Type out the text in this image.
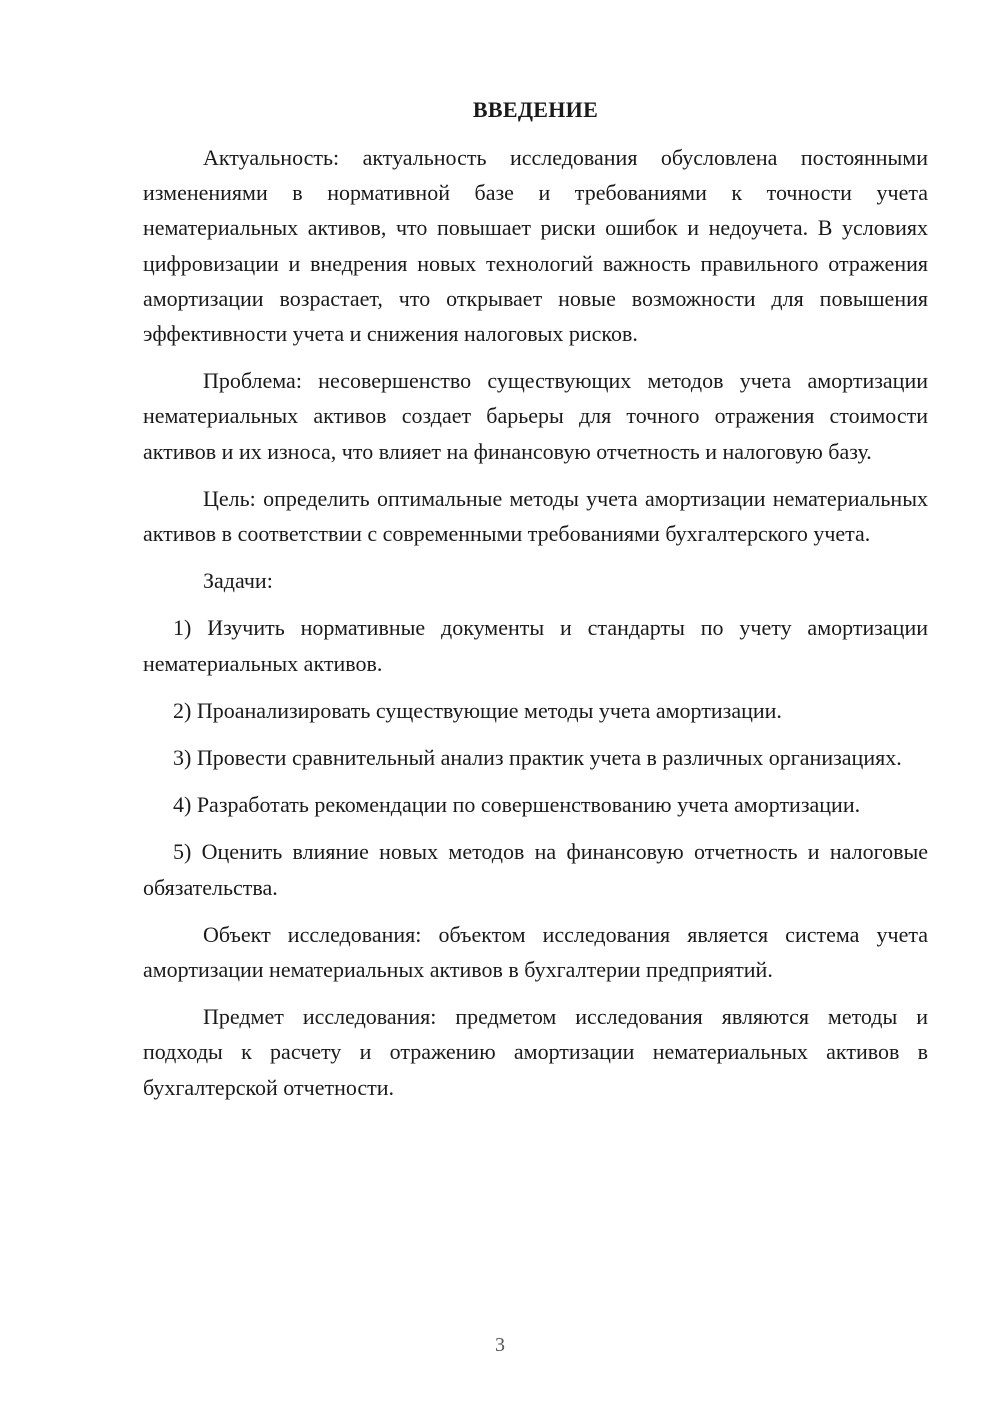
ВВЕДЕНИЕ

Актуальность: актуальность исследования обусловлена постоянными изменениями в нормативной базе и требованиями к точности учета нематериальных активов, что повышает риски ошибок и недоучета. В условиях цифровизации и внедрения новых технологий важность правильного отражения амортизации возрастает, что открывает новые возможности для повышения эффективности учета и снижения налоговых рисков.

Проблема: несовершенство существующих методов учета амортизации нематериальных активов создает барьеры для точного отражения стоимости активов и их износа, что влияет на финансовую отчетность и налоговую базу.

Цель: определить оптимальные методы учета амортизации нематериальных активов в соответствии с современными требованиями бухгалтерского учета.

Задачи:

1) Изучить нормативные документы и стандарты по учету амортизации нематериальных активов.

2) Проанализировать существующие методы учета амортизации.

3) Провести сравнительный анализ практик учета в различных организациях.

4) Разработать рекомендации по совершенствованию учета амортизации.

5) Оценить влияние новых методов на финансовую отчетность и налоговые обязательства.

Объект исследования: объектом исследования является система учета амортизации нематериальных активов в бухгалтерии предприятий.

Предмет исследования: предметом исследования являются методы и подходы к расчету и отражению амортизации нематериальных активов в бухгалтерской отчетности.

3
